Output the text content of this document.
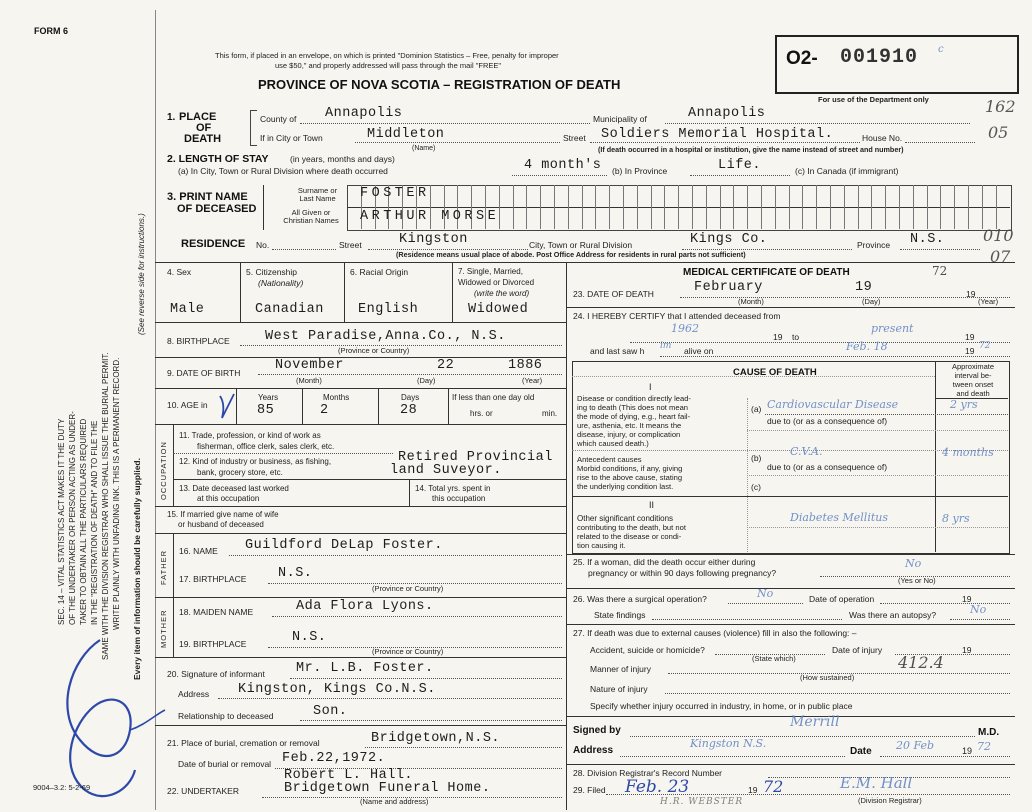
FORM 6
This form, if placed in an envelope, on which is printed "Dominion Statistics – Free, penalty for improper
use $50," and properly addressed will pass through the mail "FREE"
PROVINCE OF NOVA SCOTIA – REGISTRATION OF DEATH
O2- 001910 c
For use of the Department only	162
05
010
07
SEC. 14 – VITAL STATISTICS ACT MAKES IT THE DUTY OF THE UNDERTAKER OR PERSON ACTING AS UNDER- TAKER TO OBTAIN ALL THE PARTICULARS REQUIRED IN THE "REGISTRATION OF DEATH" AND TO FILE THE SAME WITH THE DIVISION REGISTRAR WHO SHALL ISSUE THE BURIAL PERMIT. WRITE PLAINLY WITH UNFADING INK. THIS IS A PERMANENT RECORD. Every item of information should be carefully supplied.
(See reverse side for instructions.)
1. PLACE
OF
DEATH
County of Annapolis	Municipality of	Annapolis
If in City or Town	Middleton
(Name)
Street Soldiers Memorial Hospital.	House No.
(If death occurred in a hospital or institution, give the name instead of street and number)
2. LENGTH OF STAY	(in years, months and days)
(a) In City, Town or Rural Division where death occurred	4 month's (b) In Province	Life.	(c) In Canada (if immigrant)
3. PRINT NAME
OF DECEASED
Surname or Last Name
All Given or Christian Names
FOSTER
ARTHUR MORSE
RESIDENCE No.	Street	Kingston	City, Town or Rural Division	Kings Co.	Province N.S.
(Residence means usual place of abode. Post Office Address for residents in rural parts not sufficient)
4. Sex
Male
5. Citizenship
(Nationality)
Canadian
6. Racial Origin
English
7. Single, Married,
Widowed or Divorced
(write the word)
Widowed
8. BIRTHPLACE	West Paradise,Anna.Co., N.S.
(Province or Country)
9. DATE OF BIRTH	November	22	1886
(Month)	(Day)	(Year)
10. AGE in
Years
85
Months
2
Days
28
If less than one day old
hrs. or	min.
OCCUPATION
11. Trade, profession, or kind of work as
fisherman, office clerk, sales clerk, etc.
12. Kind of industry or business, as fishing,
bank, grocery store, etc.
Retired Provincial
land Suveyor.
13. Date deceased last worked
at this occupation
14. Total yrs. spent in
this occupation
15. If married give name of wife
or husband of deceased
FATHER 16. NAME Guildford DeLap Foster.
17. BIRTHPLACE N.S.
(Province or Country)
MOTHER 18. MAIDEN NAME	Ada Flora Lyons.
19. BIRTHPLACE	N.S.
(Province or Country)
20. Signature of informant Mr. L.B. Foster.
Address Kingston, Kings Co.N.S.
Relationship to deceased	Son.
21. Place of burial, cremation or removal	Bridgetown,N.S.
Date of burial or removal Feb.22,1972.
22. UNDERTAKER
Robert L. Hall.
Bridgetown Funeral Home.
(Name and address)
9004–3.2: 5-2-69
MEDICAL CERTIFICATE OF DEATH	72
23. DATE OF DEATH	February	19	19
(Month)	(Day)	(Year)
24. I HEREBY CERTIFY that I attended deceased from
1962
19 to
present
19
and last saw h im alive on	Feb. 18	19 72
CAUSE OF DEATH
Approximate
interval be-
tween onset
and death
I
Disease or condition directly lead-
ing to death (This does not mean
the mode of dying, e.g., heart fail-
ure, asthenia, etc. It means the
disease, injury, or complication
which caused death.)
(a) Cardiovascular Disease	2 yrs
due to (or as a consequence of)
Antecedent causes
Morbid conditions, if any, giving
rise to the above cause, stating
the underlying condition last.
(b)	C.V.A.	4 months
due to (or as a consequence of)
(c)
II
Other significant conditions
contributing to the death, but not
related to the disease or condi-
tion causing it.
Diabetes Mellitus	8 yrs
25. If a woman, did the death occur either during
pregnancy or within 90 days following pregnancy?
No
(Yes or No)
26. Was there a surgical operation?	No	Date of operation	19
State findings	Was there an autopsy?	No
27. If death was due to external causes (violence) fill in also the following: –
Accident, suicide or homicide?
(State which)
Date of injury	19
412.4
Manner of injury
(How sustained)
Nature of injury
Specify whether injury occurred in industry, in home, or in public place
Signed by
Merrill
M.D.
Address
Kingston N.S.
Date 20 Feb	19 72
28. Division Registrar's Record Number
29. Filed Feb. 23	19 72	E.M. Hall
(Division Registrar)
H.R. WEBSTER
